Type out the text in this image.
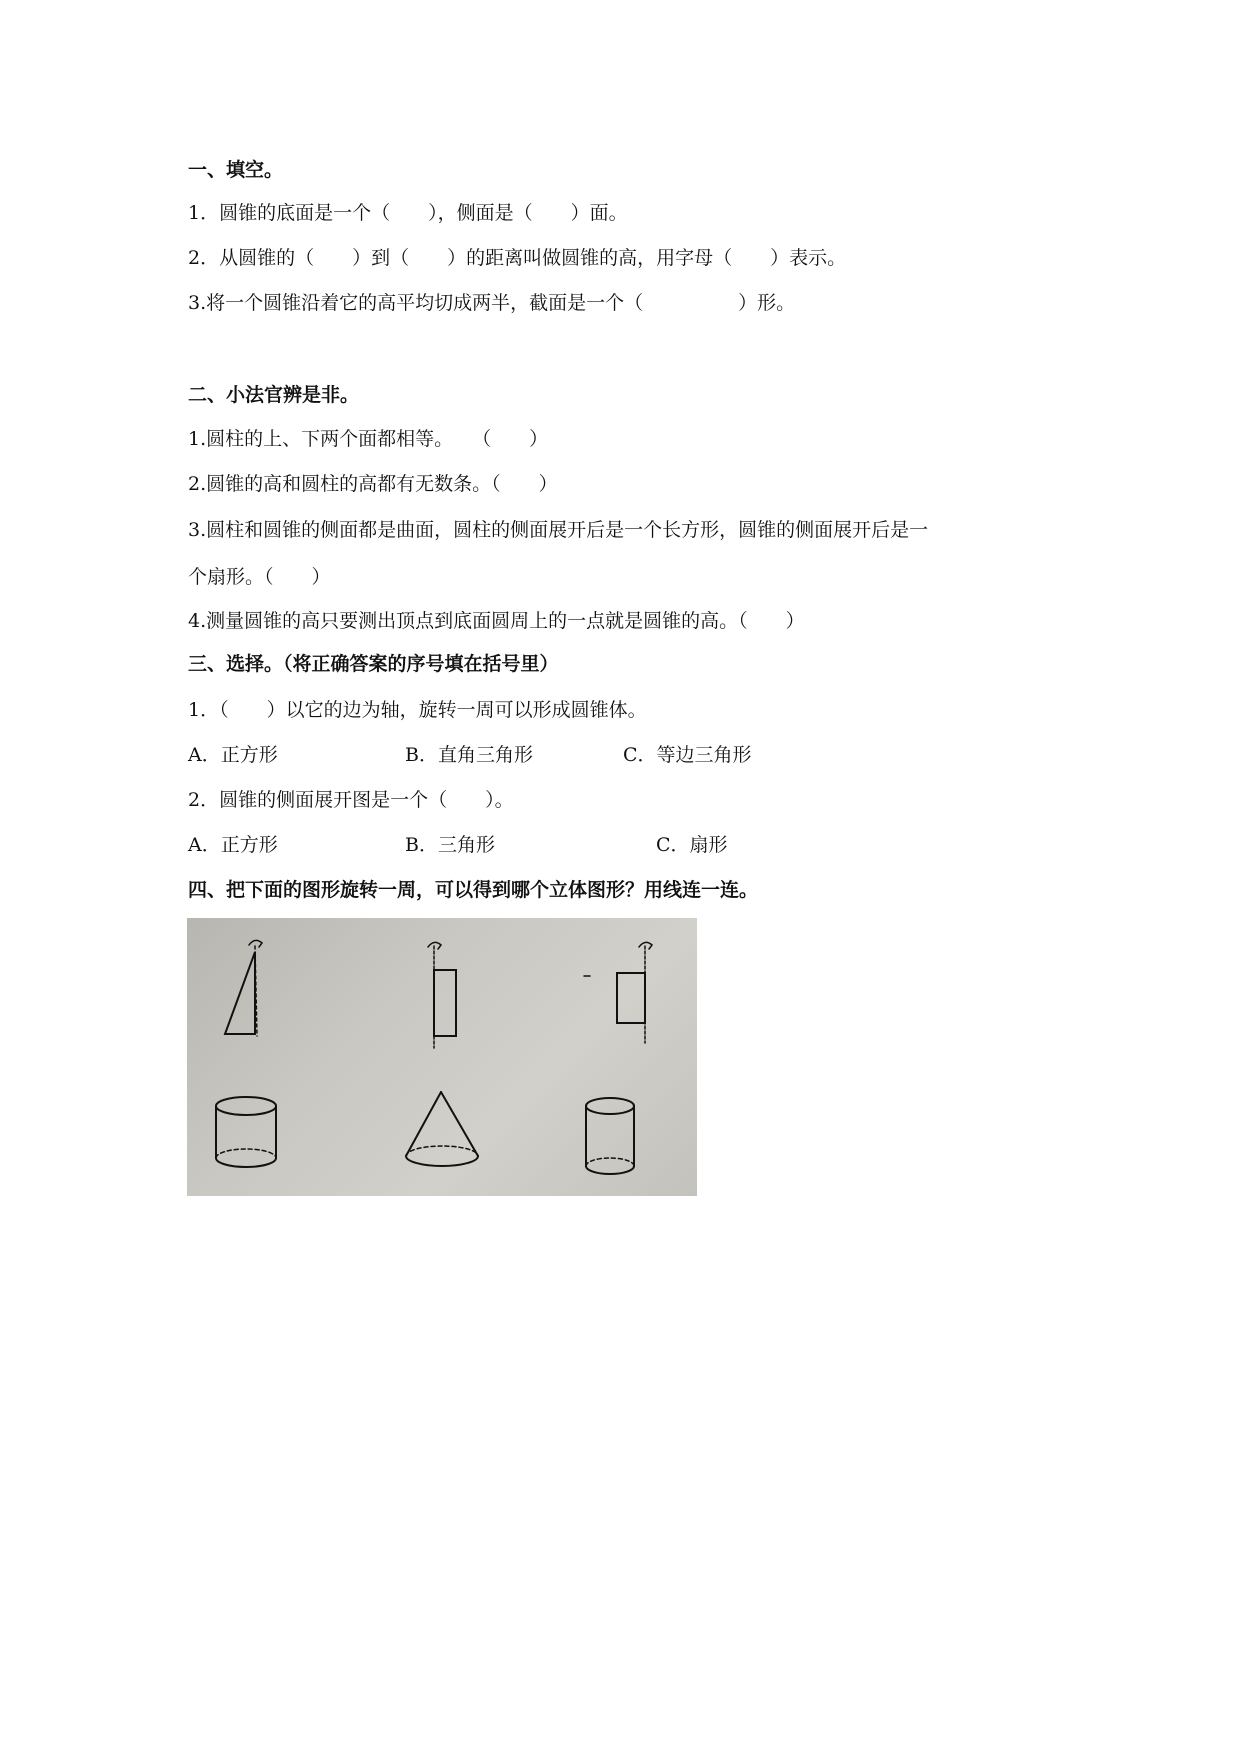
一、填空。
1．圆锥的底面是一个（　　），侧面是（　　）面。
2．从圆锥的（　　）到（　　）的距离叫做圆锥的高，用字母（　　）表示。
3.将一个圆锥沿着它的高平均切成两半，截面是一个（　　　　　）形。
二、小法官辨是非。
1.圆柱的上、下两个面都相等。　　（　　）
2.圆锥的高和圆柱的高都有无数条。（　　）
3.圆柱和圆锥的侧面都是曲面，圆柱的侧面展开后是一个长方形，圆锥的侧面展开后是一
个扇形。（　　）
4.测量圆锥的高只要测出顶点到底面圆周上的一点就是圆锥的高。（　　）
三、选择。（将正确答案的序号填在括号里）
1．（　　）以它的边为轴，旋转一周可以形成圆锥体。
A．正方形	B．直角三角形	C．等边三角形
2．圆锥的侧面展开图是一个（　　）。
A．正方形	B．三角形	C．扇形
四、把下面的图形旋转一周，可以得到哪个立体图形？用线连一连。
